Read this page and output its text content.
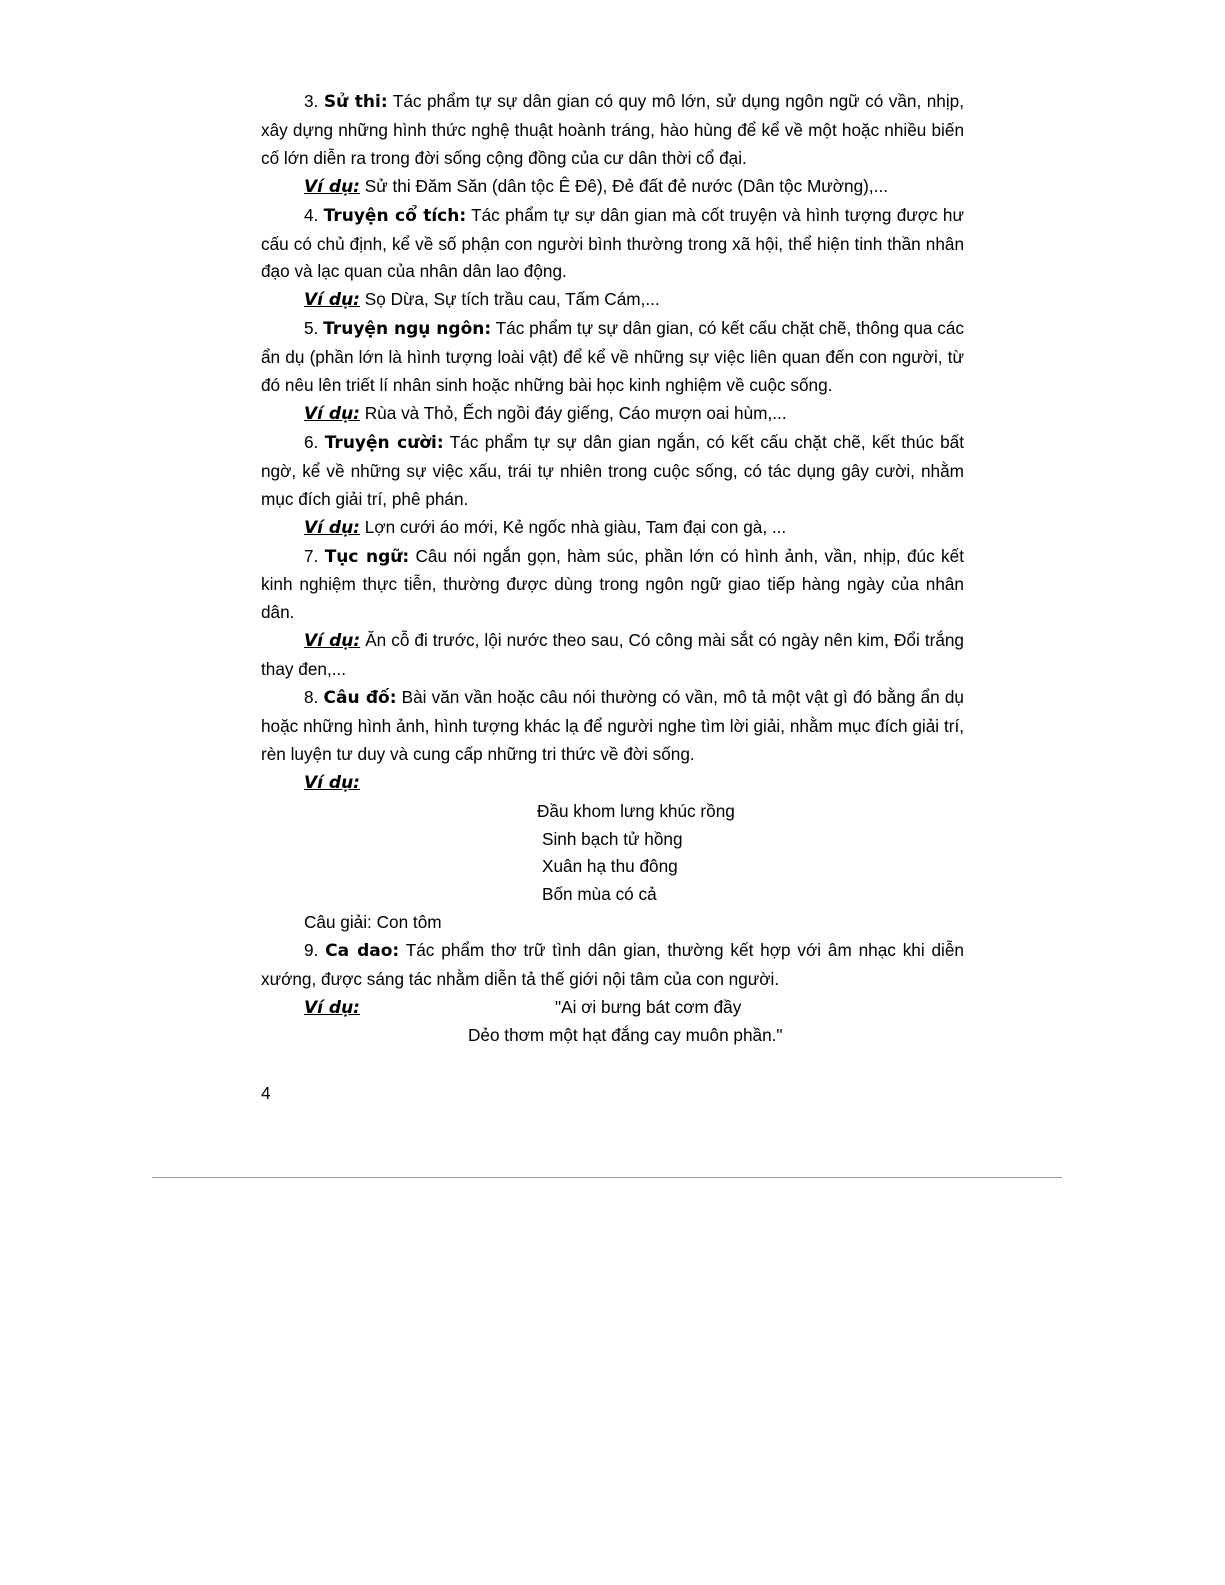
3. Sử thi: Tác phẩm tự sự dân gian có quy mô lớn, sử dụng ngôn ngữ có vần, nhịp, xây dựng những hình thức nghệ thuật hoành tráng, hào hùng để kể về một hoặc nhiều biến cố lớn diễn ra trong đời sống cộng đồng của cư dân thời cổ đại.

Ví dụ: Sử thi Đăm Săn (dân tộc Ê Đê), Đẻ đất đẻ nước (Dân tộc Mường),...

4. Truyện cổ tích: Tác phẩm tự sự dân gian mà cốt truyện và hình tượng được hư cấu có chủ định, kể về số phận con người bình thường trong xã hội, thể hiện tinh thần nhân đạo và lạc quan của nhân dân lao động.

Ví dụ: Sọ Dừa, Sự tích trầu cau, Tấm Cám,...

5. Truyện ngụ ngôn: Tác phẩm tự sự dân gian, có kết cấu chặt chẽ, thông qua các ẩn dụ (phần lớn là hình tượng loài vật) để kể về những sự việc liên quan đến con người, từ đó nêu lên triết lí nhân sinh hoặc những bài học kinh nghiệm về cuộc sống.

Ví dụ: Rùa và Thỏ, Ếch ngồi đáy giếng, Cáo mượn oai hùm,...

6. Truyện cười: Tác phẩm tự sự dân gian ngắn, có kết cấu chặt chẽ, kết thúc bất ngờ, kể về những sự việc xấu, trái tự nhiên trong cuộc sống, có tác dụng gây cười, nhằm mục đích giải trí, phê phán.

Ví dụ: Lợn cưới áo mới, Kẻ ngốc nhà giàu, Tam đại con gà, ...

7. Tục ngữ: Câu nói ngắn gọn, hàm súc, phần lớn có hình ảnh, vần, nhịp, đúc kết kinh nghiệm thực tiễn, thường được dùng trong ngôn ngữ giao tiếp hàng ngày của nhân dân.

Ví dụ: Ăn cỗ đi trước, lội nước theo sau, Có công mài sắt có ngày nên kim, Đổi trắng thay đen,...

8. Câu đố: Bài văn vần hoặc câu nói thường có vần, mô tả một vật gì đó bằng ẩn dụ hoặc những hình ảnh, hình tượng khác lạ để người nghe tìm lời giải, nhằm mục đích giải trí, rèn luyện tư duy và cung cấp những tri thức về đời sống.

Ví dụ:

Đầu khom lưng khúc rồng
Sinh bạch tử hồng
Xuân hạ thu đông
Bốn mùa có cả

Câu giải: Con tôm

9. Ca dao: Tác phẩm thơ trữ tình dân gian, thường kết hợp với âm nhạc khi diễn xướng, được sáng tác nhằm diễn tả thế giới nội tâm của con người.

Ví dụ:	"Ai ơi bưng bát cơm đầy

Dẻo thơm một hạt đắng cay muôn phần."

4
